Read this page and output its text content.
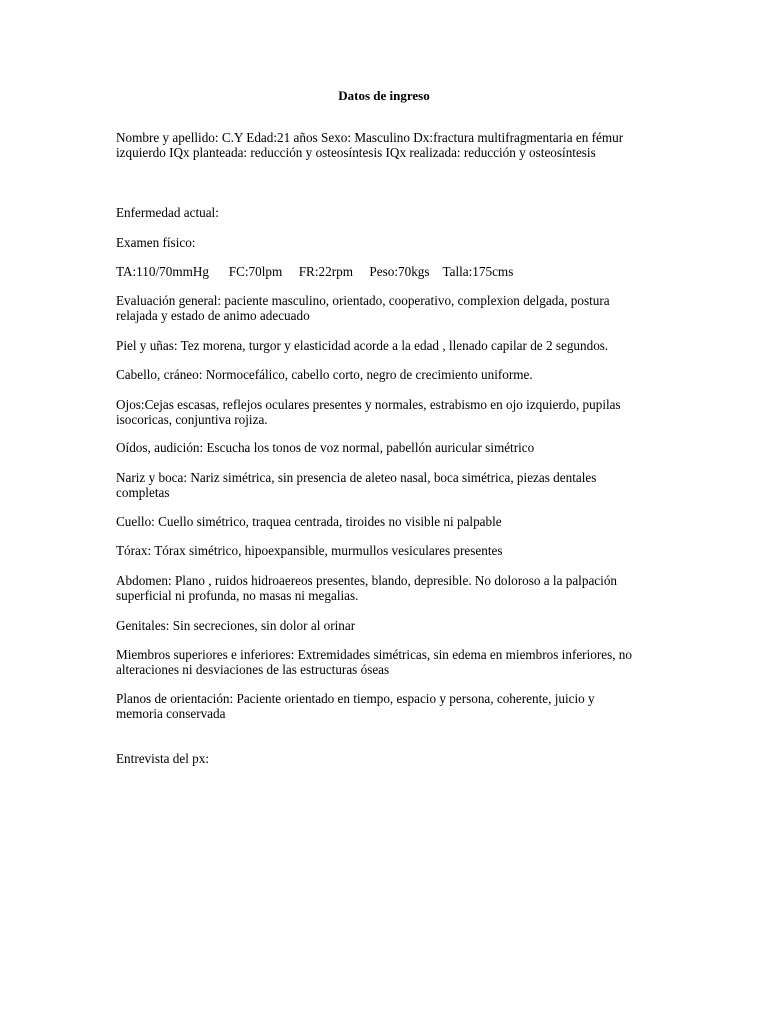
Datos de ingreso
Nombre y apellido: C.Y Edad:21 años Sexo: Masculino Dx:fractura multifragmentaria en fémur
izquierdo IQx planteada: reducción y osteosíntesis IQx realizada: reducción y osteosíntesis
Enfermedad actual:
Examen físico:
TA:110/70mmHg      FC:70lpm     FR:22rpm     Peso:70kgs    Talla:175cms
Evaluación general: paciente masculino, orientado, cooperativo, complexion delgada, postura
relajada y estado de animo adecuado
Piel y uñas: Tez morena, turgor y elasticidad acorde a la edad , llenado capilar de 2 segundos.
Cabello, cráneo: Normocefálico, cabello corto, negro de crecimiento uniforme.
Ojos:Cejas escasas, reflejos oculares presentes y normales, estrabismo en ojo izquierdo, pupilas
isocoricas, conjuntiva rojiza.
Oídos, audición: Escucha los tonos de voz normal, pabellón auricular simétrico
Nariz y boca: Nariz simétrica, sin presencia de aleteo nasal, boca simétrica, piezas dentales
completas
Cuello: Cuello simétrico, traquea centrada, tiroides no visible ni palpable
Tórax: Tórax simétrico, hipoexpansible, murmullos vesiculares presentes
Abdomen: Plano , ruidos hidroaereos presentes, blando, depresible. No doloroso a la palpación
superficial ni profunda, no masas ni megalias.
Genitales: Sin secreciones, sin dolor al orinar
Miembros superiores e inferiores: Extremidades simétricas, sin edema en miembros inferiores, no
alteraciones ni desviaciones de las estructuras óseas
Planos de orientación: Paciente orientado en tiempo, espacio y persona, coherente, juicio y
memoria conservada
Entrevista del px:
